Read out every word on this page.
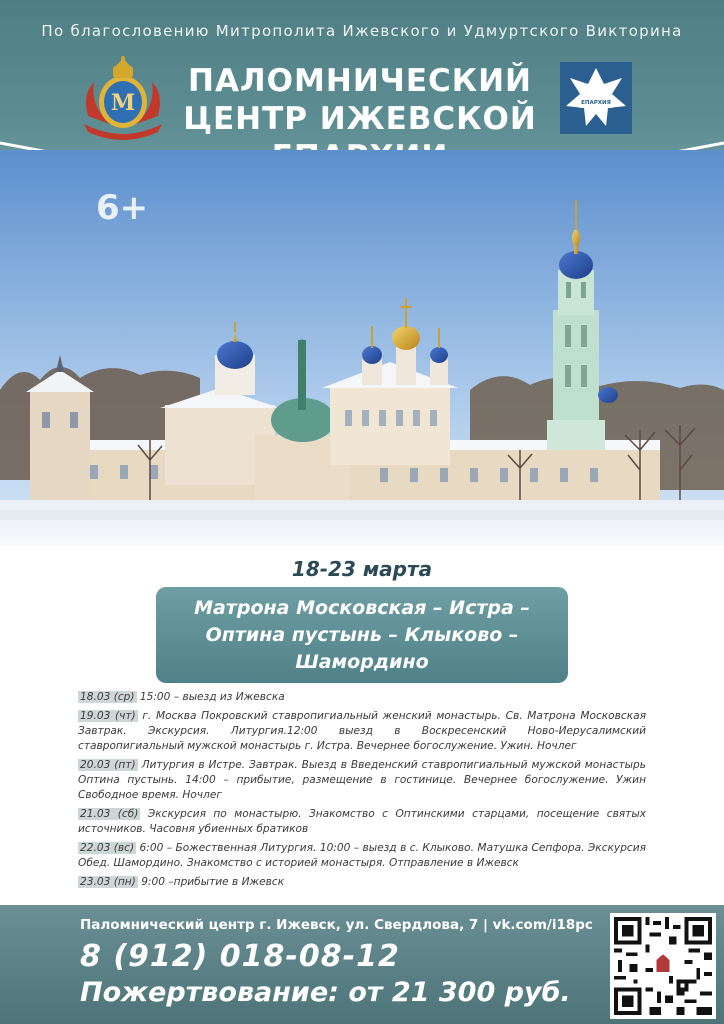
По благословению Митрополита Ижевского и Удмуртского Викторина
ПАЛОМНИЧЕСКИЙ
ЦЕНТР ИЖЕВСКОЙ
М	ЕПАРХИЯ
6+
18-23 марта
Матрона Московская – Истра –
Оптина пустынь – Клыково –
Шамордино

18.03 (ср) 15:00 – выезд из Ижевска

19.03 (чт) г. Москва Покровский ставропигиальный женский монастырь. Св. Матрона Московская Завтрак. Экскурсия. Литургия.12:00 выезд в Воскресенский Ново-Иерусалимский ставропигиальный мужской монастырь г. Истра. Вечернее богослужение. Ужин. Ночлег

20.03 (пт) Литургия в Истре. Завтрак. Выезд в Введенский ставропигиальный мужской монастырь Оптина пустынь. 14:00 – прибытие, размещение в гостинице. Вечернее богослужение. Ужин Свободное время. Ночлег

21.03 (сб) Экскурсия по монастырю. Знакомство с Оптинскими старцами, посещение святых источников. Часовня убиенных братиков

22.03 (вс) 6:00 – Божественная Литургия. 10:00 – выезд в с. Клыково. Матушка Сепфора. Экскурсия Обед. Шамордино. Знакомство с историей монастыря. Отправление в Ижевск

23.03 (пн) 9:00 –прибытие в Ижевск

Паломнический центр г. Ижевск, ул. Свердлова, 7 | vk.com/i18pc
8 (912) 018-08-12
Пожертвование: от 21 300 руб.
